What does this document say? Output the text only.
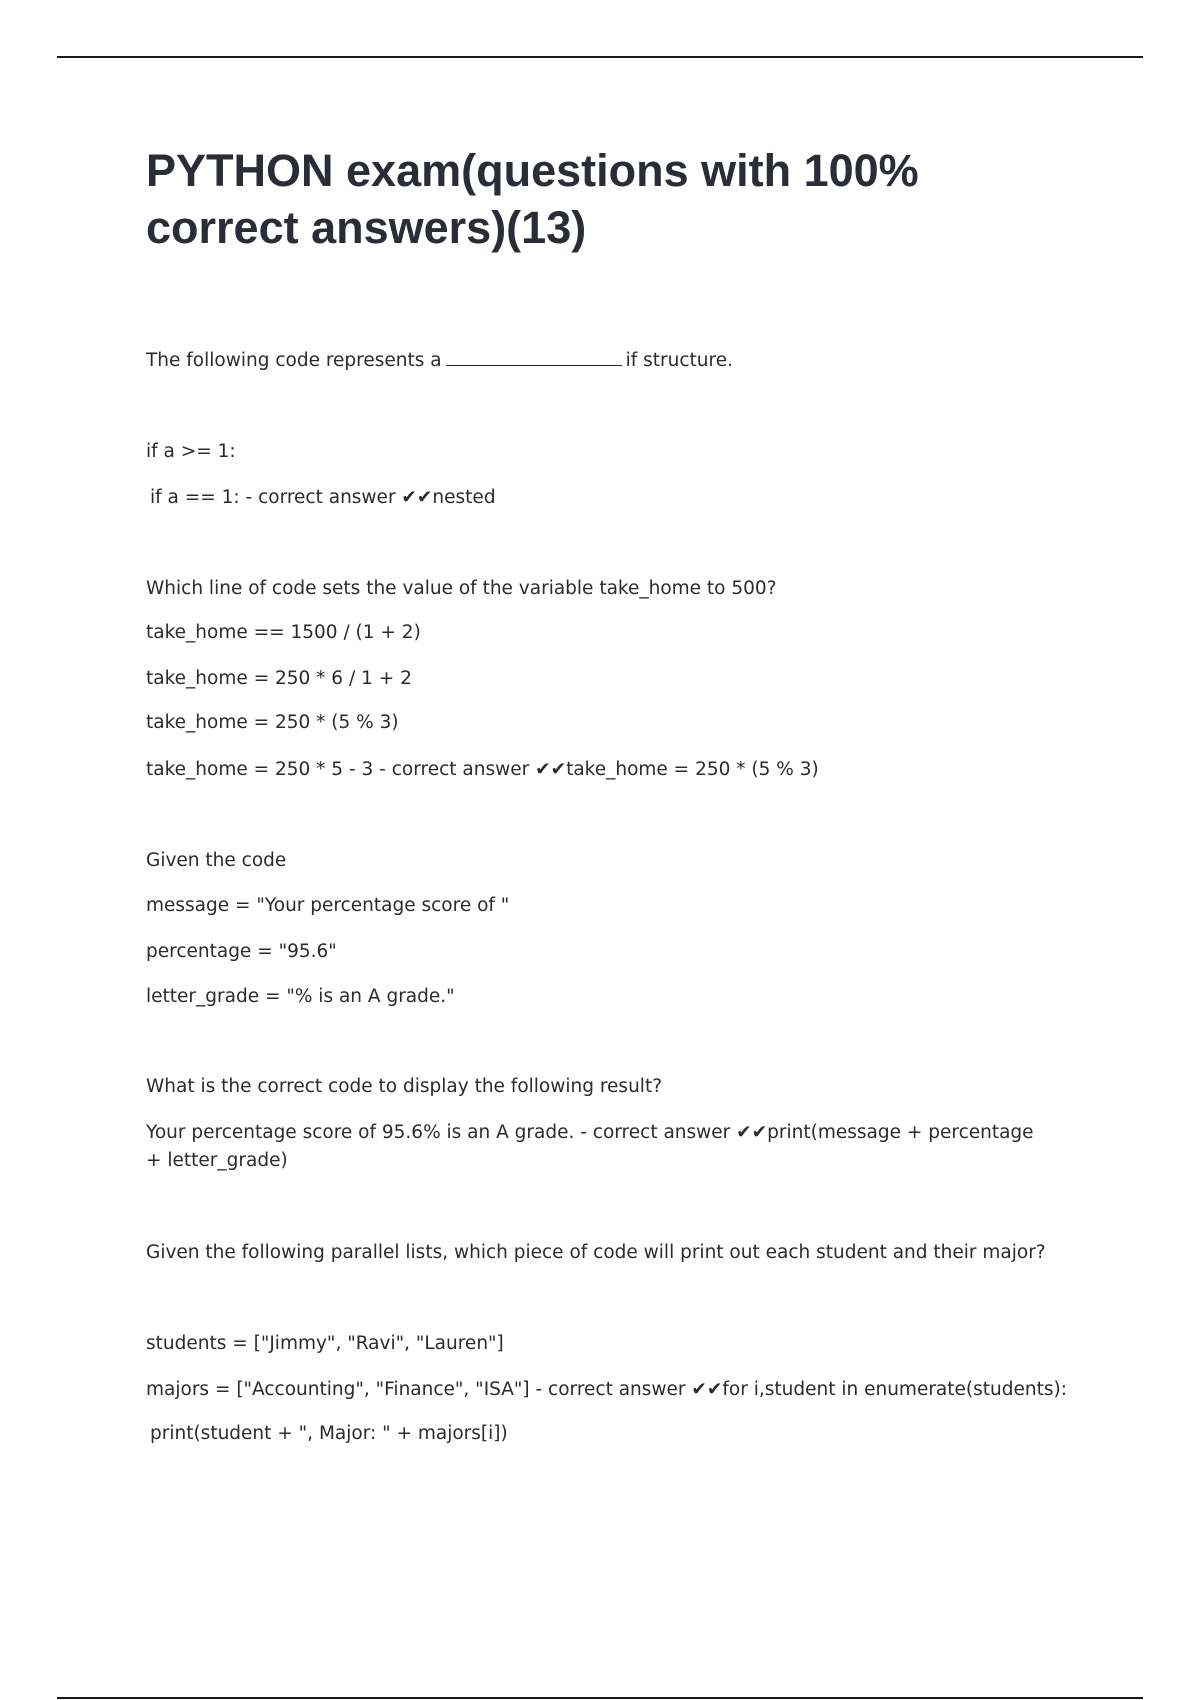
PYTHON exam(questions with 100% correct answers)(13)

The following code represents a	if structure.

if a >= 1:

if a == 1: - correct answer ✔✔nested

Which line of code sets the value of the variable take_home to 500?

take_home == 1500 / (1 + 2)

take_home = 250 * 6 / 1 + 2

take_home = 250 * (5 % 3)

take_home = 250 * 5 - 3 - correct answer ✔✔take_home = 250 * (5 % 3)

Given the code

message = "Your percentage score of "

percentage = "95.6"

letter_grade = "% is an A grade."

What is the correct code to display the following result?

Your percentage score of 95.6% is an A grade. - correct answer ✔✔print(message + percentage + letter_grade)

Given the following parallel lists, which piece of code will print out each student and their major?

students = ["Jimmy", "Ravi", "Lauren"]

majors = ["Accounting", "Finance", "ISA"] - correct answer ✔✔for i,student in enumerate(students):

print(student + ", Major: " + majors[i])
